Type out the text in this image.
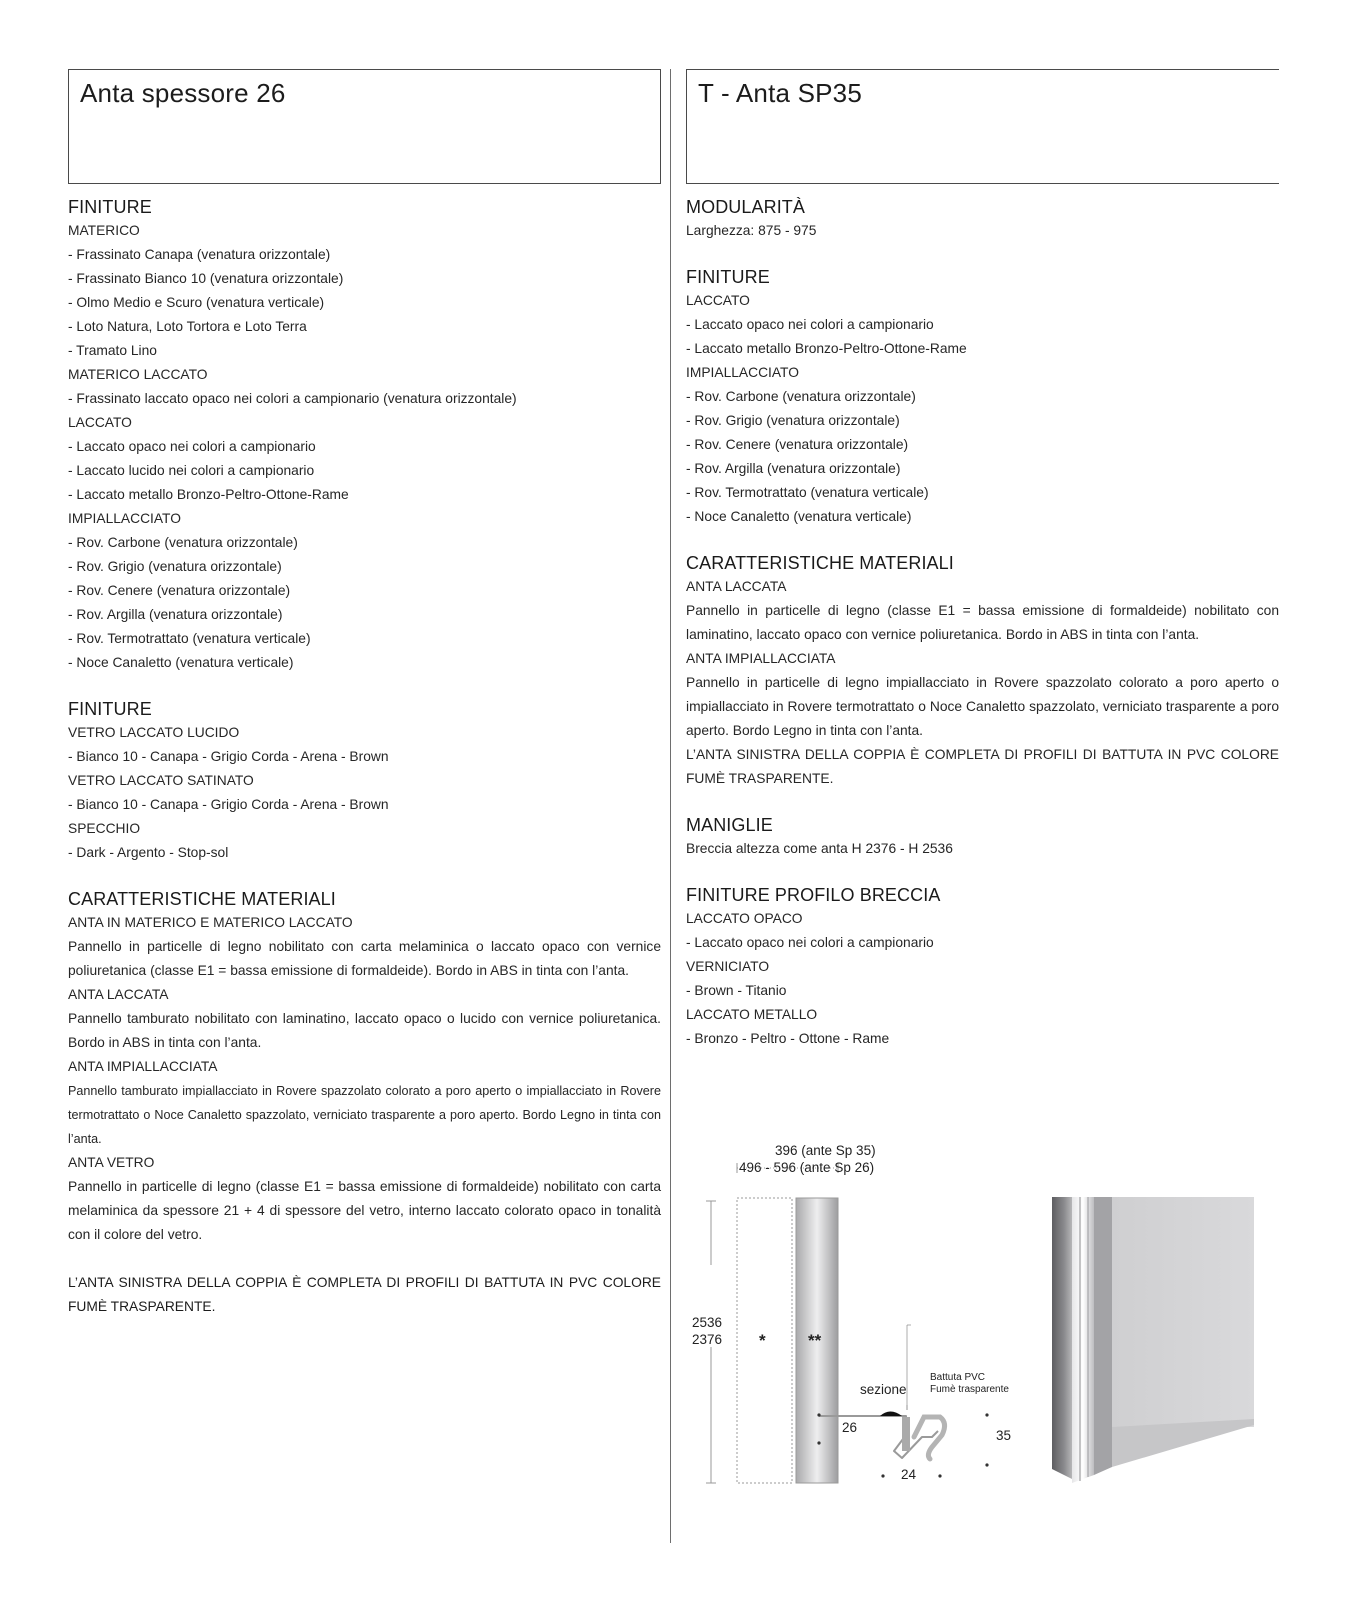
Anta spessore 26	T - Anta SP35
FINITURE
MATERICO
- Frassinato Canapa (venatura orizzontale)
- Frassinato Bianco 10 (venatura orizzontale)
- Olmo Medio e Scuro (venatura verticale)
- Loto Natura, Loto Tortora e Loto Terra
- Tramato Lino
MATERICO LACCATO
- Frassinato laccato opaco nei colori a campionario (venatura orizzontale)
LACCATO
- Laccato opaco nei colori a campionario
- Laccato lucido nei colori a campionario
- Laccato metallo Bronzo-Peltro-Ottone-Rame
IMPIALLACCIATO
- Rov. Carbone (venatura orizzontale)
- Rov. Grigio (venatura orizzontale)
- Rov. Cenere (venatura orizzontale)
- Rov. Argilla (venatura orizzontale)
- Rov. Termotrattato (venatura verticale)
- Noce Canaletto (venatura verticale)
FINITURE
VETRO LACCATO LUCIDO
- Bianco 10 - Canapa - Grigio Corda - Arena - Brown
VETRO LACCATO SATINATO
- Bianco 10 - Canapa - Grigio Corda - Arena - Brown
SPECCHIO
- Dark - Argento - Stop-sol
CARATTERISTICHE MATERIALI
ANTA IN MATERICO E MATERICO LACCATO
Pannello in particelle di legno nobilitato con carta melaminica o laccato opaco con vernice poliuretanica (classe E1 = bassa emissione di formaldeide). Bordo in ABS in tinta con l’anta.
ANTA LACCATA
Pannello tamburato nobilitato con laminatino, laccato opaco o lucido con vernice poliuretanica. Bordo in ABS in tinta con l’anta.
ANTA IMPIALLACCIATA
Pannello tamburato impiallacciato in Rovere spazzolato colorato a poro aperto o impiallacciato in Rovere termotrattato o Noce Canaletto spazzolato, verniciato trasparente a poro aperto. Bordo Legno in tinta con l’anta.
ANTA VETRO
Pannello in particelle di legno (classe E1 = bassa emissione di formaldeide) nobilitato con carta melaminica da spessore 21 + 4 di spessore del vetro, interno laccato colorato opaco in tonalità con il colore del vetro.
L’ANTA SINISTRA DELLA COPPIA È COMPLETA DI PROFILI DI BATTUTA IN PVC COLORE FUMÈ TRASPARENTE.
MODULARITÀ
Larghezza: 875 - 975
FINITURE
LACCATO
- Laccato opaco nei colori a campionario
- Laccato metallo Bronzo-Peltro-Ottone-Rame
IMPIALLACCIATO
- Rov. Carbone (venatura orizzontale)
- Rov. Grigio (venatura orizzontale)
- Rov. Cenere (venatura orizzontale)
- Rov. Argilla (venatura orizzontale)
- Rov. Termotrattato (venatura verticale)
- Noce Canaletto (venatura verticale)
CARATTERISTICHE MATERIALI
ANTA LACCATA
Pannello in particelle di legno (classe E1 = bassa emissione di formaldeide) nobilitato con laminatino, laccato opaco con vernice poliuretanica. Bordo in ABS in tinta con l’anta.
ANTA IMPIALLACCIATA
Pannello in particelle di legno impiallacciato in Rovere spazzolato colorato a poro aperto o impiallacciato in Rovere termotrattato o Noce Canaletto spazzolato, verniciato trasparente a poro aperto. Bordo Legno in tinta con l’anta.
L’ANTA SINISTRA DELLA COPPIA È COMPLETA DI PROFILI DI BATTUTA IN PVC COLORE FUMÈ TRASPARENTE.
MANIGLIE
Breccia altezza come anta H 2376 - H 2536
FINITURE PROFILO BRECCIA
LACCATO OPACO
- Laccato opaco nei colori a campionario
VERNICIATO
- Brown - Titanio
LACCATO METALLO
- Bronzo - Peltro - Ottone - Rame
396 (ante Sp 35)
496 - 596 (ante Sp 26)
2536
2376 * **
sezione
Battuta PVC
Fumè trasparente
26
35
24
